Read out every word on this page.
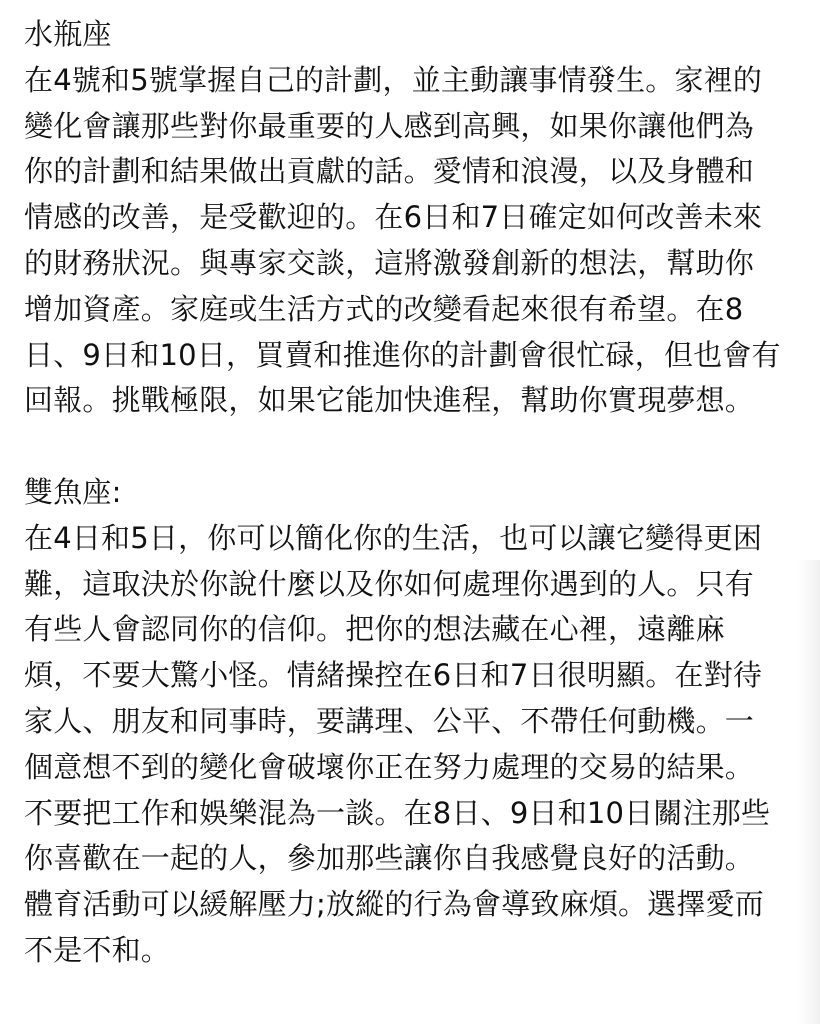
水瓶座
在4號和5號掌握自己的計劃，並主動讓事情發生。家裡的
變化會讓那些對你最重要的人感到高興，如果你讓他們為
你的計劃和結果做出貢獻的話。愛情和浪漫，以及身體和
情感的改善，是受歡迎的。在6日和7日確定如何改善未來
的財務狀況。與專家交談，這將激發創新的想法，幫助你
增加資產。家庭或生活方式的改變看起來很有希望。在8
日、9日和10日，買賣和推進你的計劃會很忙碌，但也會有
回報。挑戰極限，如果它能加快進程，幫助你實現夢想。
雙魚座:
在4日和5日，你可以簡化你的生活，也可以讓它變得更困
難，這取決於你說什麼以及你如何處理你遇到的人。只有
有些人會認同你的信仰。把你的想法藏在心裡，遠離麻
煩，不要大驚小怪。情緒操控在6日和7日很明顯。在對待
家人、朋友和同事時，要講理、公平、不帶任何動機。一
個意想不到的變化會破壞你正在努力處理的交易的結果。
不要把工作和娛樂混為一談。在8日、9日和10日關注那些
你喜歡在一起的人，參加那些讓你自我感覺良好的活動。
體育活動可以緩解壓力;放縱的行為會導致麻煩。選擇愛而
不是不和。
